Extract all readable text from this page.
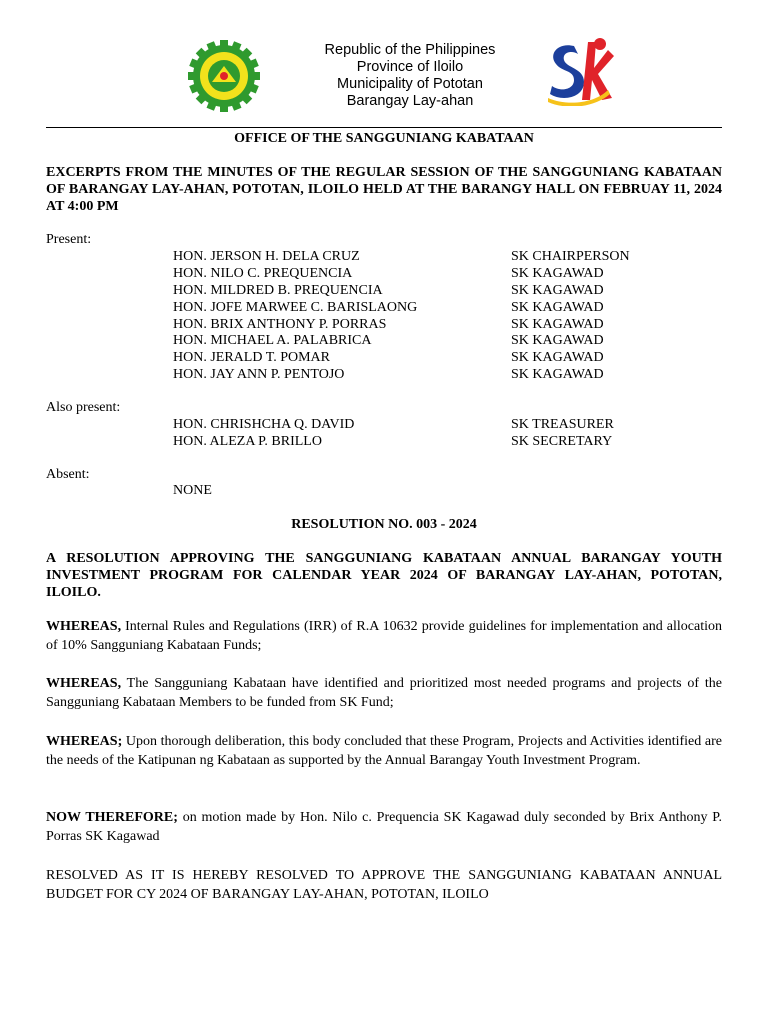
Republic of the Philippines
Province of Iloilo
Municipality of Pototan
Barangay Lay-ahan
OFFICE OF THE SANGGUNIANG KABATAAN
EXCERPTS FROM THE MINUTES OF THE REGULAR SESSION OF THE SANGGUNIANG KABATAAN OF BARANGAY LAY-AHAN, POTOTAN, ILOILO HELD AT THE BARANGY HALL ON FEBRUAY 11, 2024 AT 4:00 PM
Present:
HON. JERSON H. DELA CRUZ	SK CHAIRPERSON
HON. NILO C. PREQUENCIA	SK KAGAWAD
HON. MILDRED B. PREQUENCIA	SK KAGAWAD
HON. JOFE MARWEE C. BARISLAONG	SK KAGAWAD
HON. BRIX ANTHONY P. PORRAS	SK KAGAWAD
HON. MICHAEL A. PALABRICA	SK KAGAWAD
HON. JERALD T. POMAR	SK KAGAWAD
HON. JAY ANN P. PENTOJO	SK KAGAWAD
Also present:
HON. CHRISHCHA Q. DAVID	SK TREASURER
HON. ALEZA P. BRILLO	SK SECRETARY
Absent:
NONE
RESOLUTION NO. 003 - 2024
A RESOLUTION APPROVING THE SANGGUNIANG KABATAAN ANNUAL BARANGAY YOUTH INVESTMENT PROGRAM FOR CALENDAR YEAR 2024 OF BARANGAY LAY-AHAN, POTOTAN, ILOILO.
WHEREAS, Internal Rules and Regulations (IRR) of R.A 10632 provide guidelines for implementation and allocation of 10% Sangguniang Kabataan Funds;
WHEREAS, The Sangguniang Kabataan have identified and prioritized most needed programs and projects of the Sangguniang Kabataan Members to be funded from SK Fund;
WHEREAS; Upon thorough deliberation, this body concluded that these Program, Projects and Activities identified are the needs of the Katipunan ng Kabataan as supported by the Annual Barangay Youth Investment Program.
NOW THEREFORE; on motion made by Hon. Nilo c. Prequencia SK Kagawad duly seconded by Brix Anthony P. Porras SK Kagawad
RESOLVED AS IT IS HEREBY RESOLVED TO APPROVE THE SANGGUNIANG KABATAAN ANNUAL BUDGET FOR CY 2024 OF BARANGAY LAY-AHAN, POTOTAN, ILOILO
